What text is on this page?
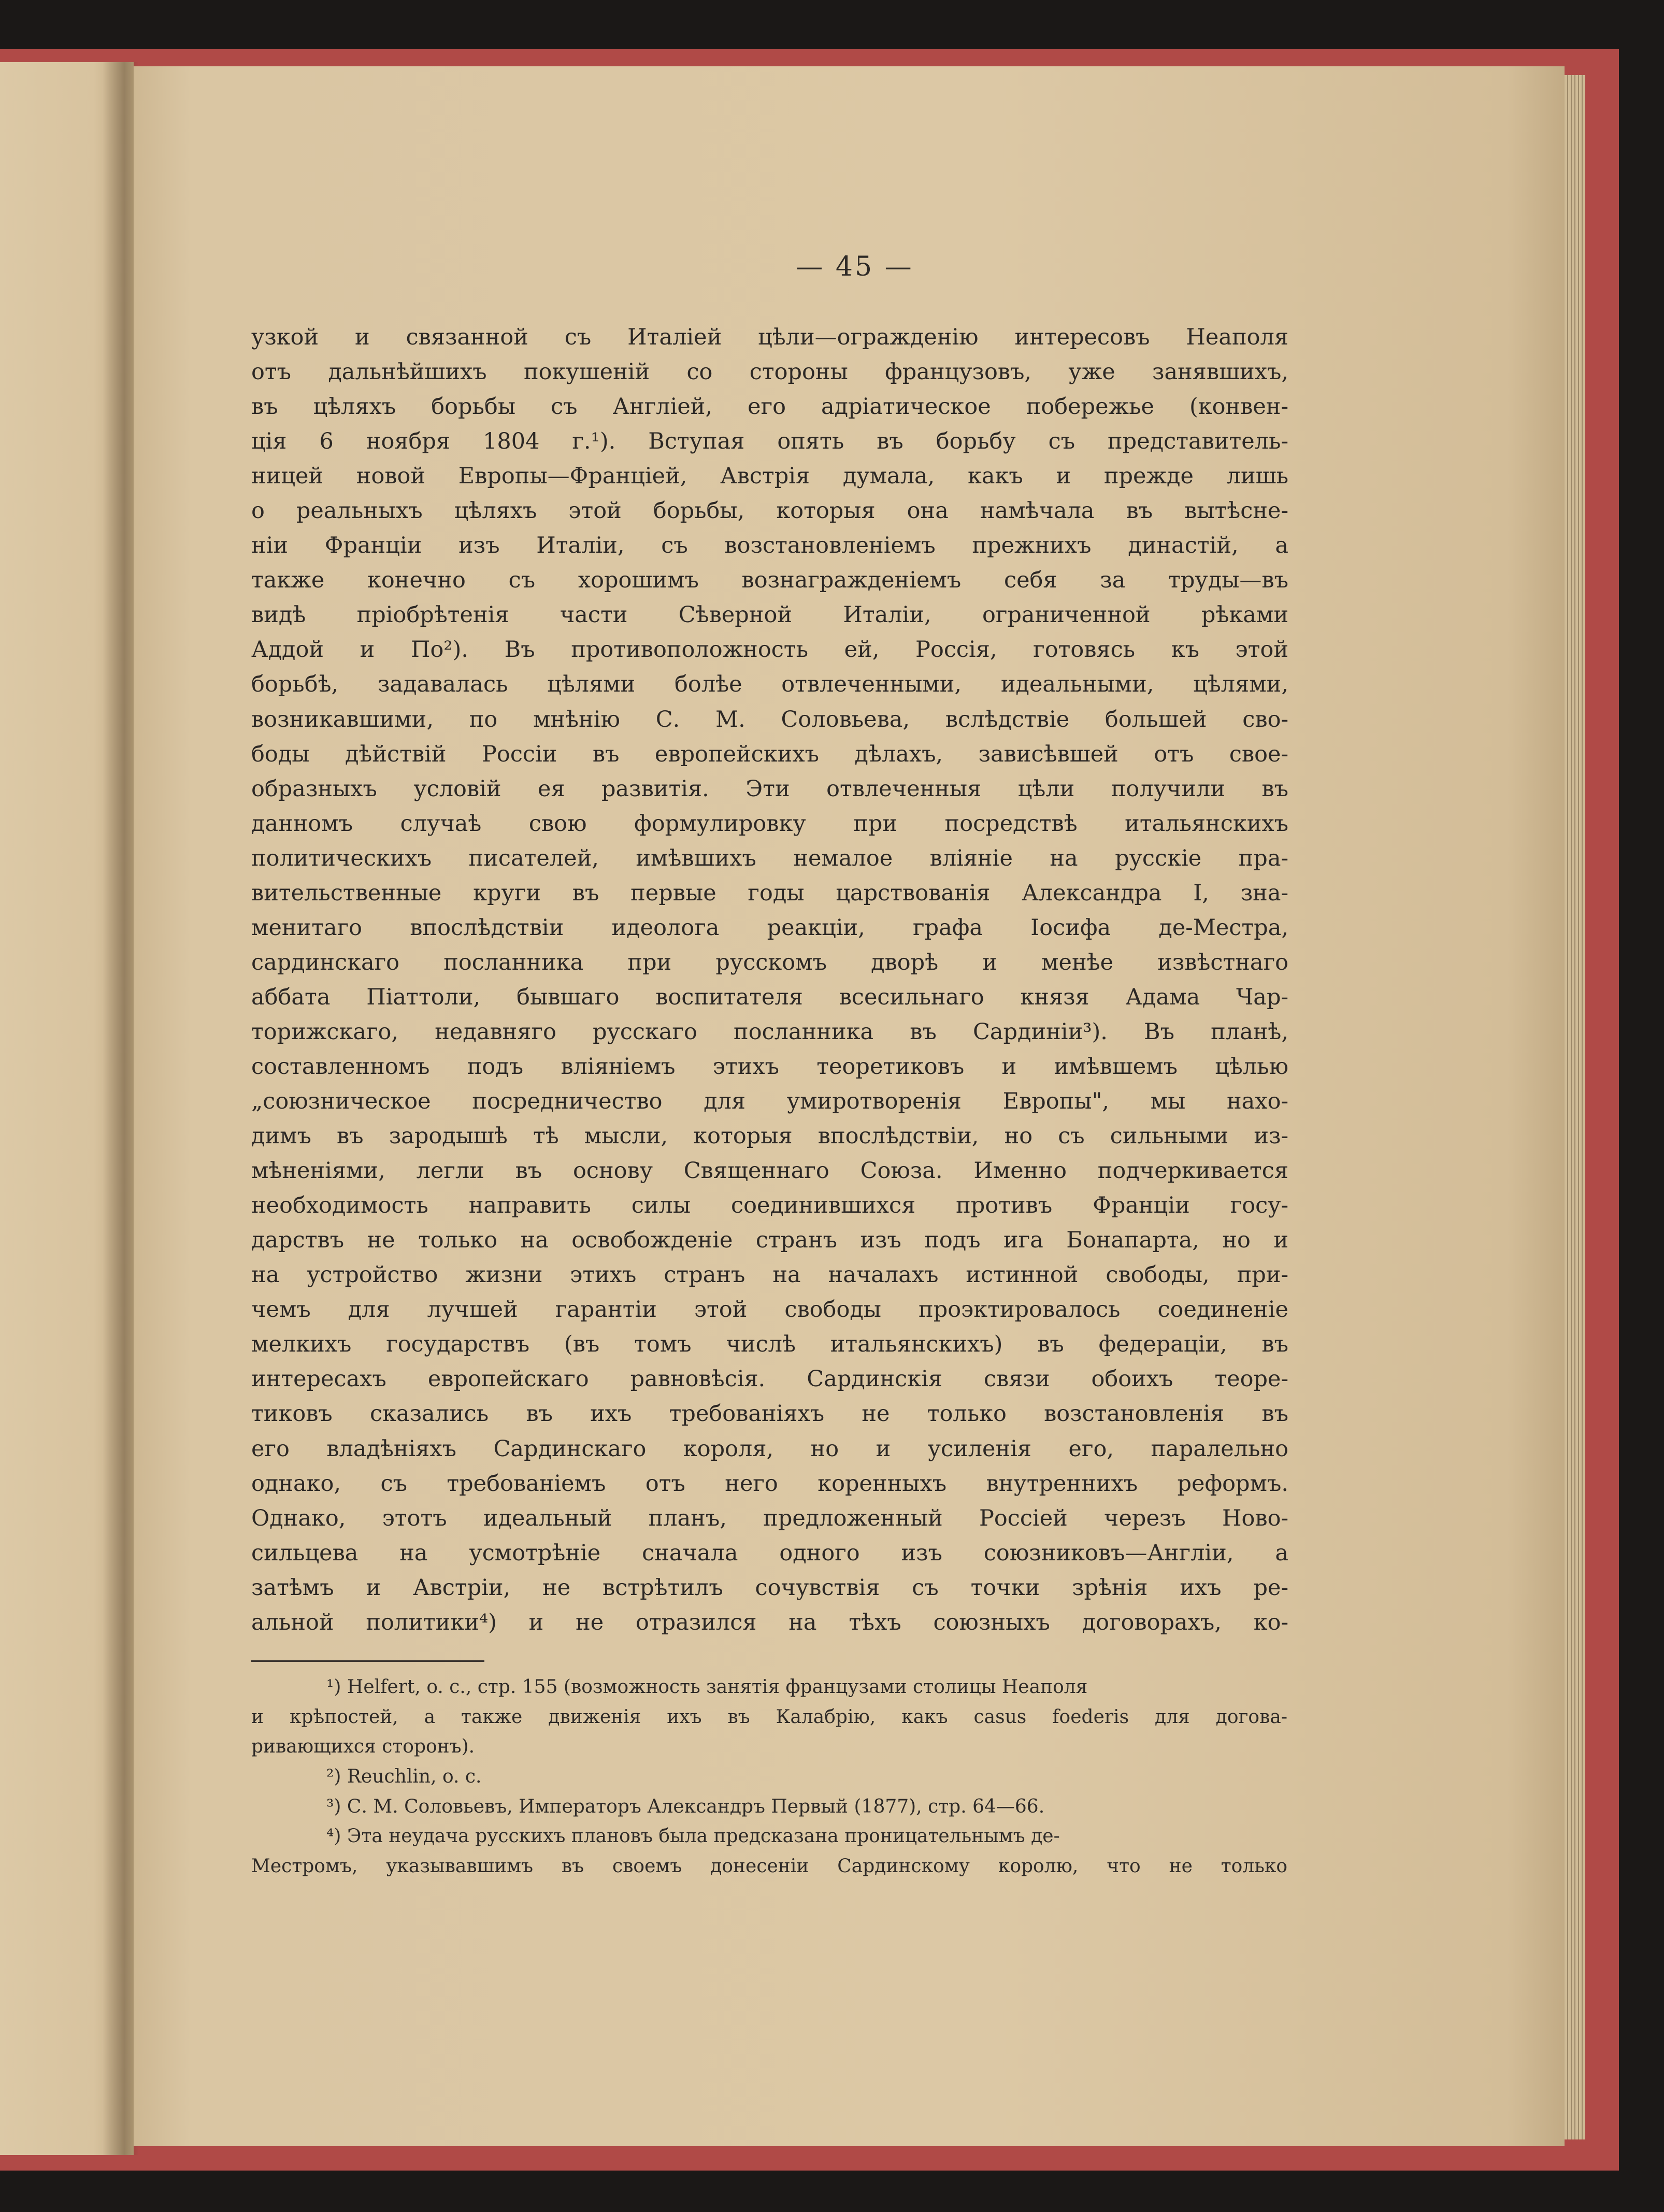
— 45 —
узкой и связанной съ Италіей цѣли—огражденію интересовъ Неаполя
отъ дальнѣйшихъ покушеній со стороны французовъ, уже занявшихъ,
въ цѣляхъ борьбы съ Англіей, его адріатическое побережье (конвен-
ція 6 ноября 1804 г.¹). Вступая опять въ борьбу съ представитель-
ницей новой Европы—Франціей, Австрія думала, какъ и прежде лишь
о реальныхъ цѣляхъ этой борьбы, которыя она намѣчала въ вытѣсне-
ніи Франціи изъ Италіи, съ возстановленіемъ прежнихъ династій, а
также конечно съ хорошимъ вознагражденіемъ себя за труды—въ
видѣ пріобрѣтенія части Сѣверной Италіи, ограниченной рѣками
Аддой и По²). Въ противоположность ей, Россія, готовясь къ этой
борьбѣ, задавалась цѣлями болѣе отвлеченными, идеальными, цѣлями,
возникавшими, по мнѣнію С. М. Соловьева, вслѣдствіе большей сво-
боды дѣйствій Россіи въ европейскихъ дѣлахъ, зависѣвшей отъ свое-
образныхъ условій ея развитія. Эти отвлеченныя цѣли получили въ
данномъ случаѣ свою формулировку при посредствѣ итальянскихъ
политическихъ писателей, имѣвшихъ немалое вліяніе на русскіе пра-
вительственные круги въ первые годы царствованія Александра I, зна-
менитаго впослѣдствіи идеолога реакціи, графа Іосифа де-Местра,
сардинскаго посланника при русскомъ дворѣ и менѣе извѣстнаго
аббата Піаттоли, бывшаго воспитателя всесильнаго князя Адама Чар-
торижскаго, недавняго русскаго посланника въ Сардиніи³). Въ планѣ,
составленномъ подъ вліяніемъ этихъ теоретиковъ и имѣвшемъ цѣлью
„союзническое посредничество для умиротворенія Европы", мы нахо-
димъ въ зародышѣ тѣ мысли, которыя впослѣдствіи, но съ сильными из-
мѣненіями, легли въ основу Священнаго Союза. Именно подчеркивается
необходимость направить силы соединившихся противъ Франціи госу-
дарствъ не только на освобожденіе странъ изъ подъ ига Бонапарта, но и
на устройство жизни этихъ странъ на началахъ истинной свободы, при-
чемъ для лучшей гарантіи этой свободы проэктировалось соединеніе
мелкихъ государствъ (въ томъ числѣ итальянскихъ) въ федераціи, въ
интересахъ европейскаго равновѣсія. Сардинскія связи обоихъ теоре-
тиковъ сказались въ ихъ требованіяхъ не только возстановленія въ
его владѣніяхъ Сардинскаго короля, но и усиленія его, паралельно
однако, съ требованіемъ отъ него коренныхъ внутреннихъ реформъ.
Однако, этотъ идеальный планъ, предложенный Россіей черезъ Ново-
сильцева на усмотрѣніе сначала одного изъ союзниковъ—Англіи, а
затѣмъ и Австріи, не встрѣтилъ сочувствія съ точки зрѣнія ихъ ре-
альной политики⁴) и не отразился на тѣхъ союзныхъ договорахъ, ко-
¹) Helfert, o. c., стр. 155 (возможность занятія французами столицы Неаполя
и крѣпостей, а также движенія ихъ въ Калабрію, какъ casus foederis для догова-
ривающихся сторонъ).
²) Reuchlin, o. c.
³) С. М. Соловьевъ, Императоръ Александръ Первый (1877), стр. 64—66.
⁴) Эта неудача русскихъ плановъ была предсказана проницательнымъ де-
Местромъ, указывавшимъ въ своемъ донесеніи Сардинскому королю, что не только
